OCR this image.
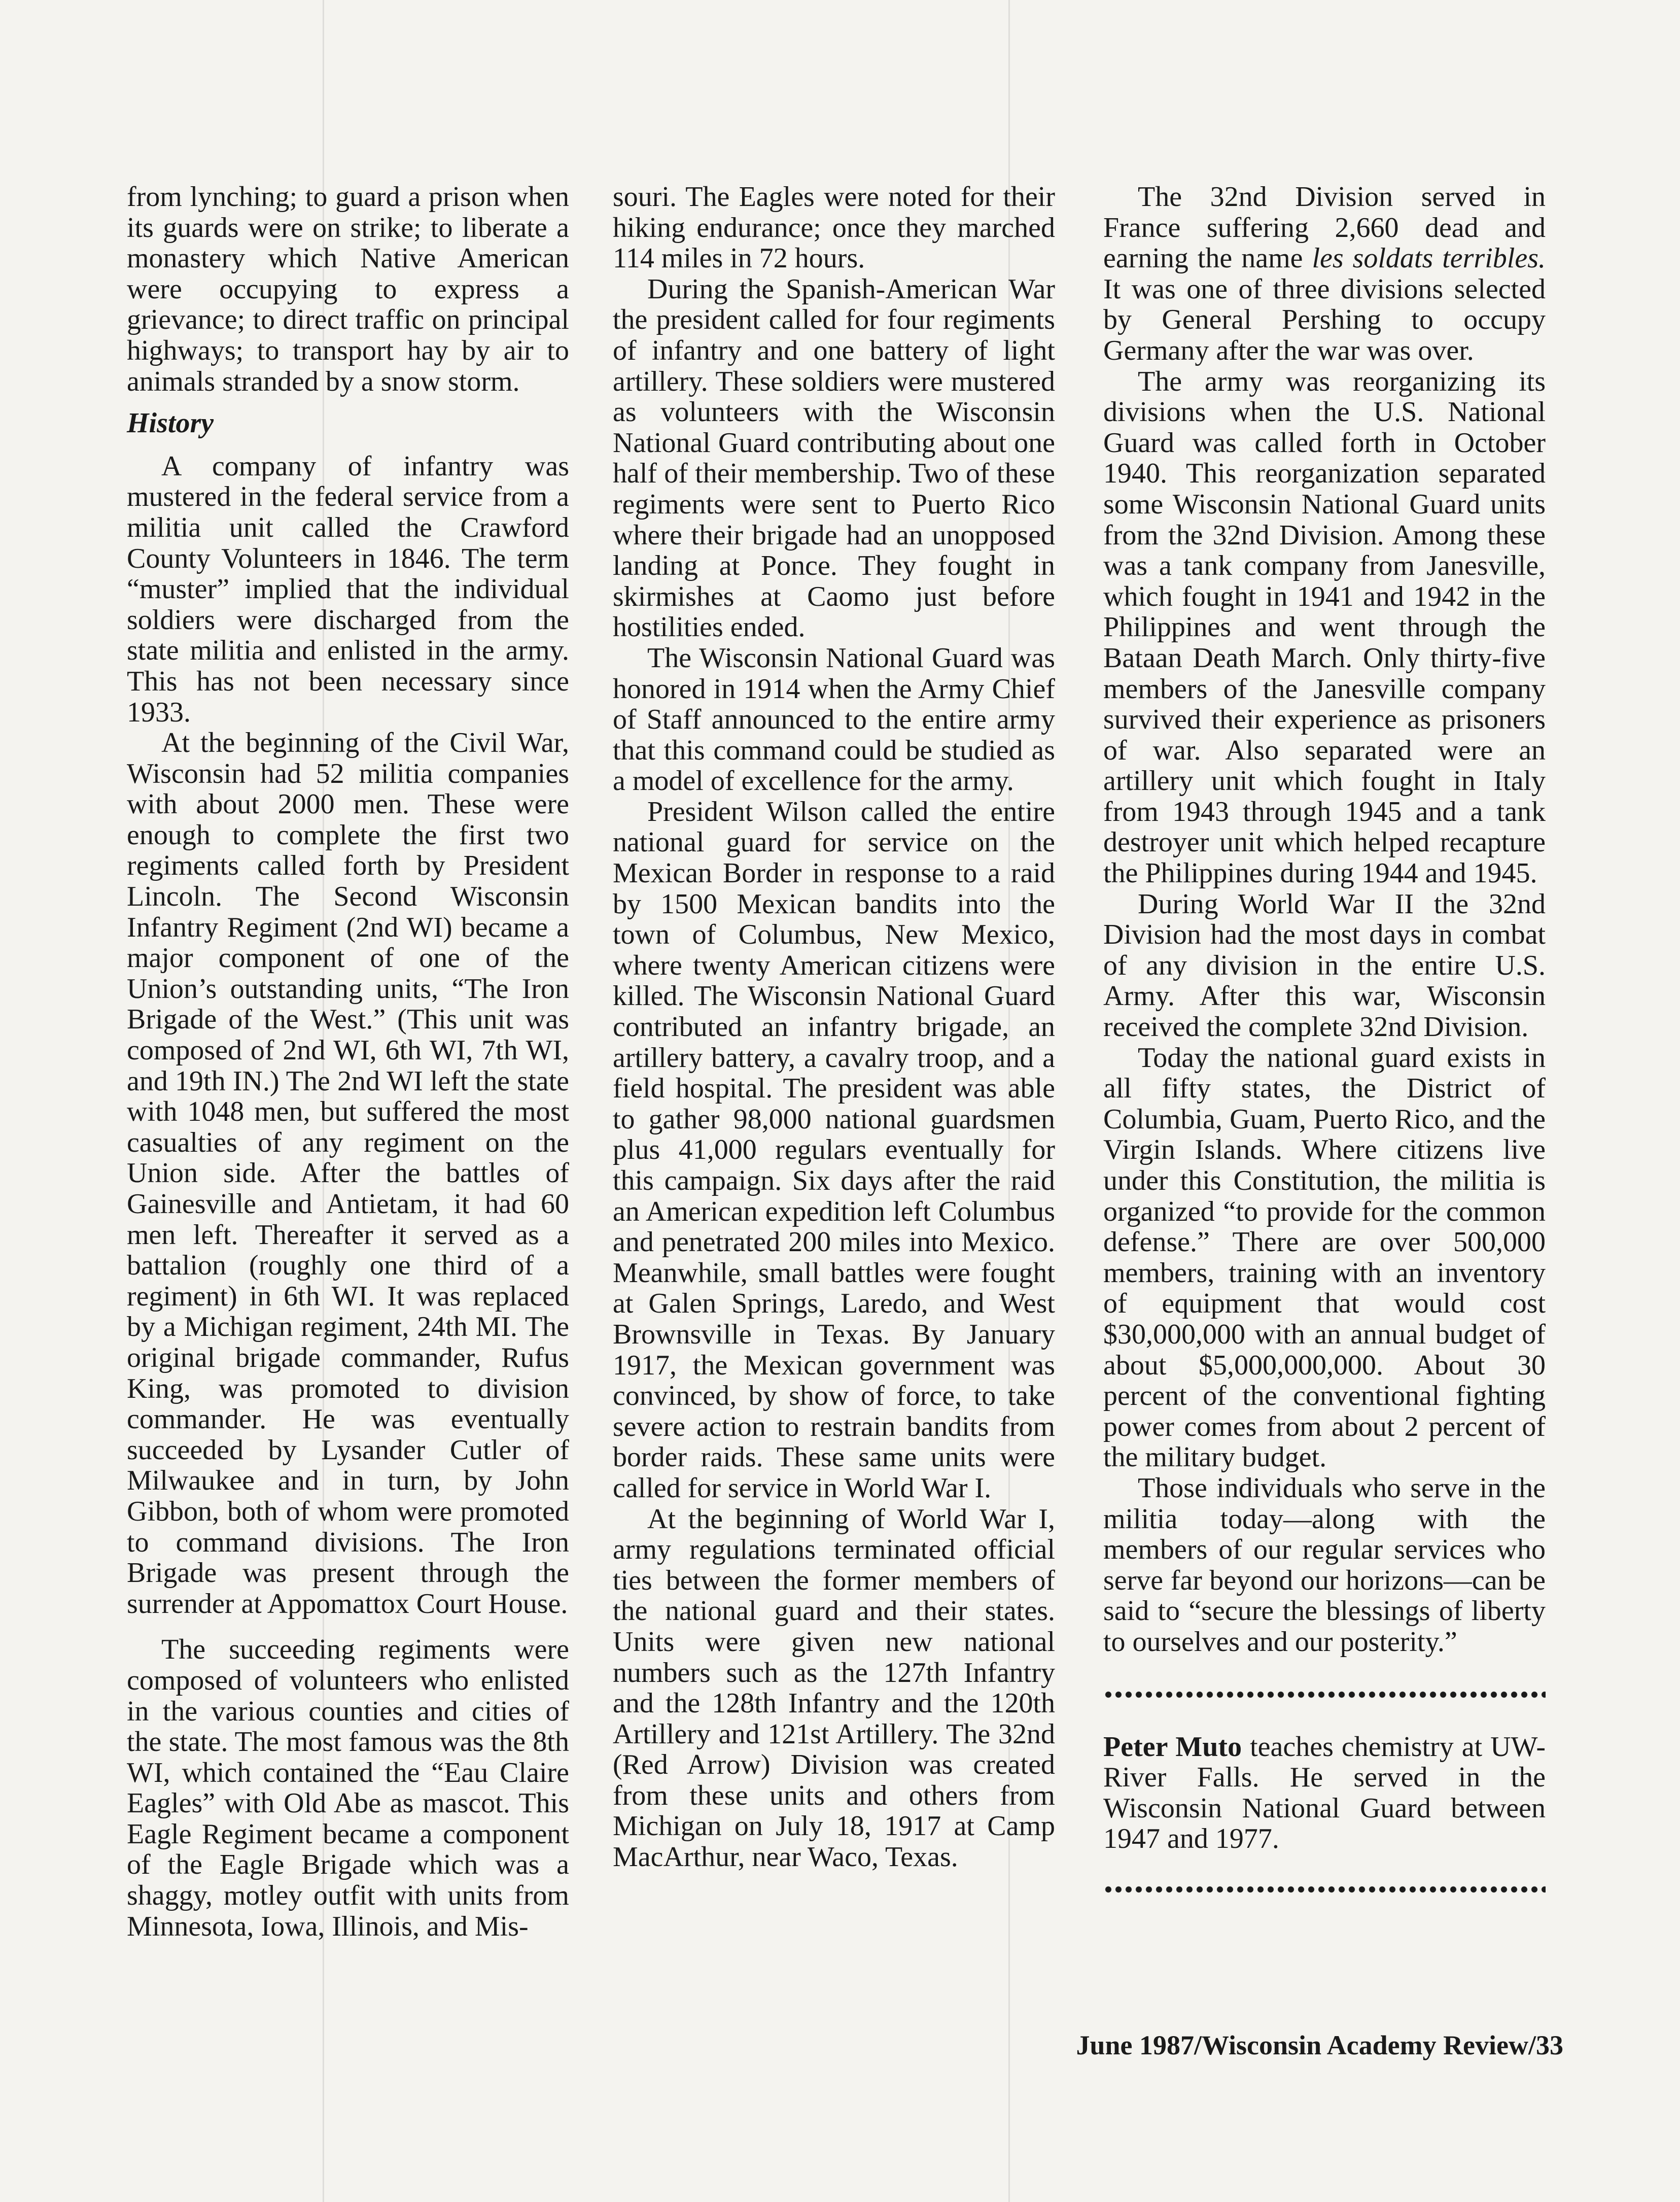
from lynching; to guard a prison when its guards were on strike; to liberate a monastery which Native American were occupying to express a grievance; to direct traffic on principal highways; to transport hay by air to animals stranded by a snow storm.

History

A company of infantry was mustered in the federal service from a militia unit called the Crawford County Volunteers in 1846. The term “muster” implied that the individual soldiers were discharged from the state militia and enlisted in the army. This has not been necessary since 1933.

At the beginning of the Civil War, Wisconsin had 52 militia companies with about 2000 men. These were enough to complete the first two regiments called forth by President Lincoln. The Second Wisconsin Infantry Regiment (2nd WI) became a major component of one of the Union’s outstanding units, “The Iron Brigade of the West.” (This unit was composed of 2nd WI, 6th WI, 7th WI, and 19th IN.) The 2nd WI left the state with 1048 men, but suffered the most casualties of any regiment on the Union side. After the battles of Gainesville and Antietam, it had 60 men left. Thereafter it served as a battalion (roughly one third of a regiment) in 6th WI. It was replaced by a Michigan regiment, 24th MI. The original brigade commander, Rufus King, was promoted to division commander. He was eventually succeeded by Lysander Cutler of Milwaukee and in turn, by John Gibbon, both of whom were promoted to command divisions. The Iron Brigade was present through the surrender at Appomattox Court House.

The succeeding regiments were composed of volunteers who enlisted in the various counties and cities of the state. The most famous was the 8th WI, which contained the “Eau Claire Eagles” with Old Abe as mascot. This Eagle Regiment became a component of the Eagle Brigade which was a shaggy, motley outfit with units from Minnesota, Iowa, Illinois, and Mis-

souri. The Eagles were noted for their hiking endurance; once they marched 114 miles in 72 hours.

During the Spanish-American War the president called for four regiments of infantry and one battery of light artillery. These soldiers were mustered as volunteers with the Wisconsin National Guard contributing about one half of their membership. Two of these regiments were sent to Puerto Rico where their brigade had an unopposed landing at Ponce. They fought in skirmishes at Caomo just before hostilities ended.

The Wisconsin National Guard was honored in 1914 when the Army Chief of Staff announced to the entire army that this command could be studied as a model of excellence for the army.

President Wilson called the entire national guard for service on the Mexican Border in response to a raid by 1500 Mexican bandits into the town of Columbus, New Mexico, where twenty American citizens were killed. The Wisconsin National Guard contributed an infantry brigade, an artillery battery, a cavalry troop, and a field hospital. The president was able to gather 98,000 national guardsmen plus 41,000 regulars eventually for this campaign. Six days after the raid an American expedition left Columbus and penetrated 200 miles into Mexico. Meanwhile, small battles were fought at Galen Springs, Laredo, and West Brownsville in Texas. By January 1917, the Mexican government was convinced, by show of force, to take severe action to restrain bandits from border raids. These same units were called for service in World War I.

At the beginning of World War I, army regulations terminated official ties between the former members of the national guard and their states. Units were given new national numbers such as the 127th Infantry and the 128th Infantry and the 120th Artillery and 121st Artillery. The 32nd (Red Arrow) Division was created from these units and others from Michigan on July 18, 1917 at Camp MacArthur, near Waco, Texas.

The 32nd Division served in France suffering 2,660 dead and earning the name les soldats terribles. It was one of three divisions selected by General Pershing to occupy Germany after the war was over.

The army was reorganizing its divisions when the U.S. National Guard was called forth in October 1940. This reorganization separated some Wisconsin National Guard units from the 32nd Division. Among these was a tank company from Janesville, which fought in 1941 and 1942 in the Philippines and went through the Bataan Death March. Only thirty-five members of the Janesville company survived their experience as prisoners of war. Also separated were an artillery unit which fought in Italy from 1943 through 1945 and a tank destroyer unit which helped recapture the Philippines during 1944 and 1945.

During World War II the 32nd Division had the most days in combat of any division in the entire U.S. Army. After this war, Wisconsin received the complete 32nd Division.

Today the national guard exists in all fifty states, the District of Columbia, Guam, Puerto Rico, and the Virgin Islands. Where citizens live under this Constitution, the militia is organized “to provide for the common defense.” There are over 500,000 members, training with an inventory of equipment that would cost $30,000,000 with an annual budget of about $5,000,000,000. About 30 percent of the conventional fighting power comes from about 2 percent of the military budget.

Those individuals who serve in the militia today—along with the members of our regular services who serve far beyond our horizons—can be said to “secure the blessings of liberty to ourselves and our posterity.”

Peter Muto teaches chemistry at UW-River Falls. He served in the Wisconsin National Guard between 1947 and 1977.

June 1987/Wisconsin Academy Review/33
